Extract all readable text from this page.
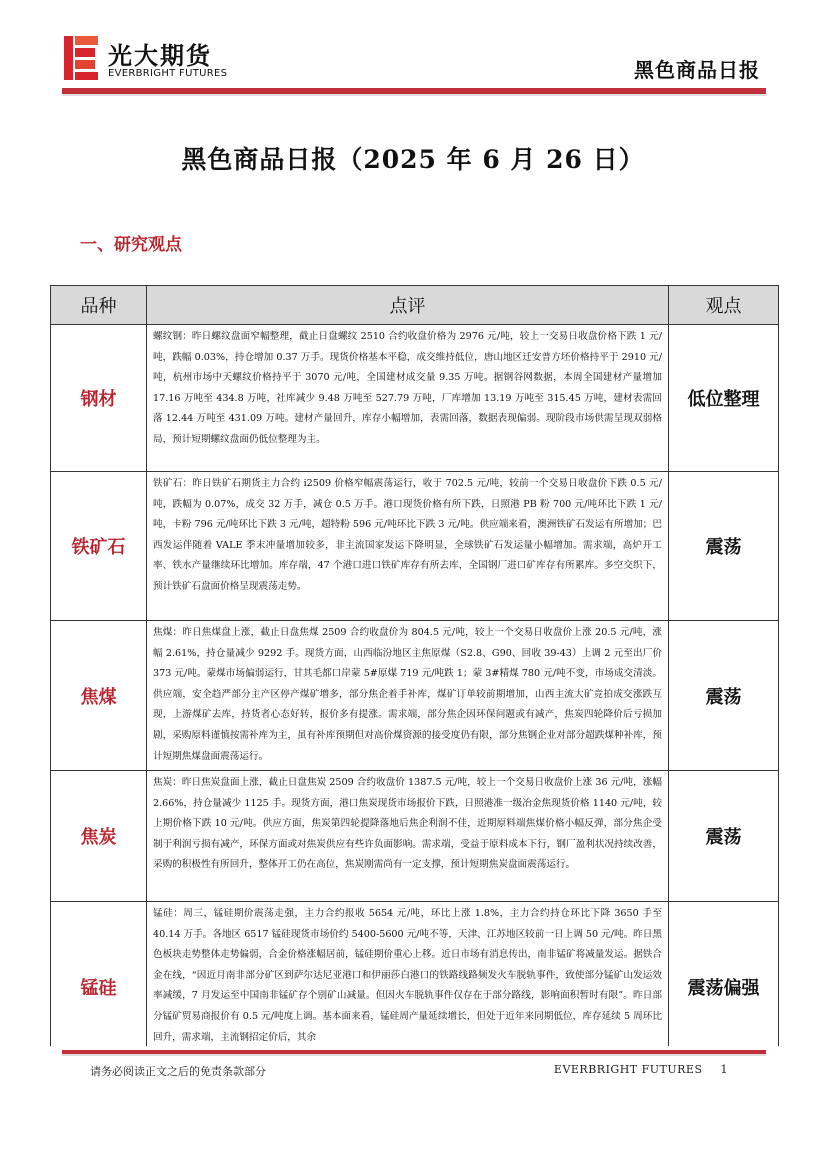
光大期货
EVERBRIGHT FUTURES	黑色商品日报
黑色商品日报（2025 年 6 月 26 日）
一、研究观点
品种	点评	观点
钢材	螺纹钢：昨日螺纹盘面窄幅整理，截止日盘螺纹 2510 合约收盘价格为 2976 元/吨，较上一交易日收盘价格下跌 1 元/吨，跌幅 0.03%，持仓增加 0.37 万手。现货价格基本平稳，成交维持低位，唐山地区迁安普方坯价格持平于 2910 元/吨，杭州市场中天螺纹价格持平于 3070 元/吨，全国建材成交量 9.35 万吨。据钢谷网数据，本周全国建材产量增加 17.16 万吨至 434.8 万吨，社库减少 9.48 万吨至 527.79 万吨，厂库增加 13.19 万吨至 315.45 万吨，建材表需回落 12.44 万吨至 431.09 万吨。建材产量回升，库存小幅增加，表需回落，数据表现偏弱。现阶段市场供需呈现双弱格局，预计短期螺纹盘面仍低位整理为主。	低位整理
铁矿石	铁矿石：昨日铁矿石期货主力合约 i2509 价格窄幅震荡运行，收于 702.5 元/吨，较前一个交易日收盘价下跌 0.5 元/吨，跌幅为 0.07%，成交 32 万手，减仓 0.5 万手。港口现货价格有所下跌，日照港 PB 粉 700 元/吨环比下跌 1 元/吨，卡粉 796 元/吨环比下跌 3 元/吨，超特粉 596 元/吨环比下跌 3 元/吨。供应端来看，澳洲铁矿石发运有所增加；巴西发运伴随着 VALE 季末冲量增加较多，非主流国家发运下降明显，全球铁矿石发运量小幅增加。需求端，高炉开工率、铁水产量继续环比增加。库存端，47 个港口进口铁矿库存有所去库，全国钢厂进口矿库存有所累库。多空交织下，预计铁矿石盘面价格呈现震荡走势。	震荡
焦煤	焦煤：昨日焦煤盘上涨，截止日盘焦煤 2509 合约收盘价为 804.5 元/吨，较上一个交易日收盘价上涨 20.5 元/吨，涨幅 2.61%，持仓量减少 9292 手。现货方面，山西临汾地区主焦原煤（S2.8、G90、回收 39-43）上调 2 元至出厂价 373 元/吨。蒙煤市场偏弱运行，甘其毛都口岸蒙 5#原煤 719 元/吨跌 1；蒙 3#精煤 780 元/吨不变，市场成交清淡。供应端，安全趋严部分主产区停产煤矿增多，部分焦企着手补库，煤矿订单较前期增加，山西主流大矿竞拍成交涨跌互现，上游煤矿去库，持货者心态好转，报价多有提涨。需求端，部分焦企因环保问题或有减产，焦炭四轮降价后亏损加剧，采购原料谨慎按需补库为主，虽有补库预期但对高价煤资源的接受度仍有限，部分焦钢企业对部分超跌煤种补库，预计短期焦煤盘面震荡运行。	震荡
焦炭	焦炭：昨日焦炭盘面上涨，截止日盘焦炭 2509 合约收盘价 1387.5 元/吨，较上一个交易日收盘价上涨 36 元/吨，涨幅 2.66%，持仓量减少 1125 手。现货方面，港口焦炭现货市场报价下跌，日照港准一级冶金焦现货价格 1140 元/吨，较上期价格下跌 10 元/吨。供应方面，焦炭第四轮提降落地后焦企利润不佳，近期原料端焦煤价格小幅反弹，部分焦企受制于利润亏损有减产，环保方面或对焦炭供应有些许负面影响。需求端，受益于原料成本下行，钢厂盈利状况持续改善，采购的积极性有所回升，整体开工仍在高位，焦炭刚需尚有一定支撑，预计短期焦炭盘面震荡运行。	震荡
锰硅	锰硅：周三，锰硅期价震荡走强，主力合约报收 5654 元/吨，环比上涨 1.8%，主力合约持仓环比下降 3650 手至 40.14 万手。各地区 6517 锰硅现货市场价约 5400-5600 元/吨不等，天津、江苏地区较前一日上调 50 元/吨。昨日黑色板块走势整体走势偏弱，合金价格涨幅居前，锰硅期价重心上移。近日市场有消息传出，南非锰矿将减量发运。据铁合金在线，“因近月南非部分矿区到萨尔达尼亚港口和伊丽莎白港口的铁路线路频发火车脱轨事件，致使部分锰矿山发运效率减缓，7 月发运至中国南非锰矿存个别矿山减量。但因火车脱轨事件仅存在于部分路线，影响面积暂时有限”。昨日部分锰矿贸易商报价有 0.5 元/吨度上调。基本面来看，锰硅周产量延续增长，但处于近年来同期低位，库存延续 5 周环比回升，需求端，主流钢招定价后，其余	震荡偏强
请务必阅读正文之后的免责条款部分	EVERBRIGHT FUTURES 1
